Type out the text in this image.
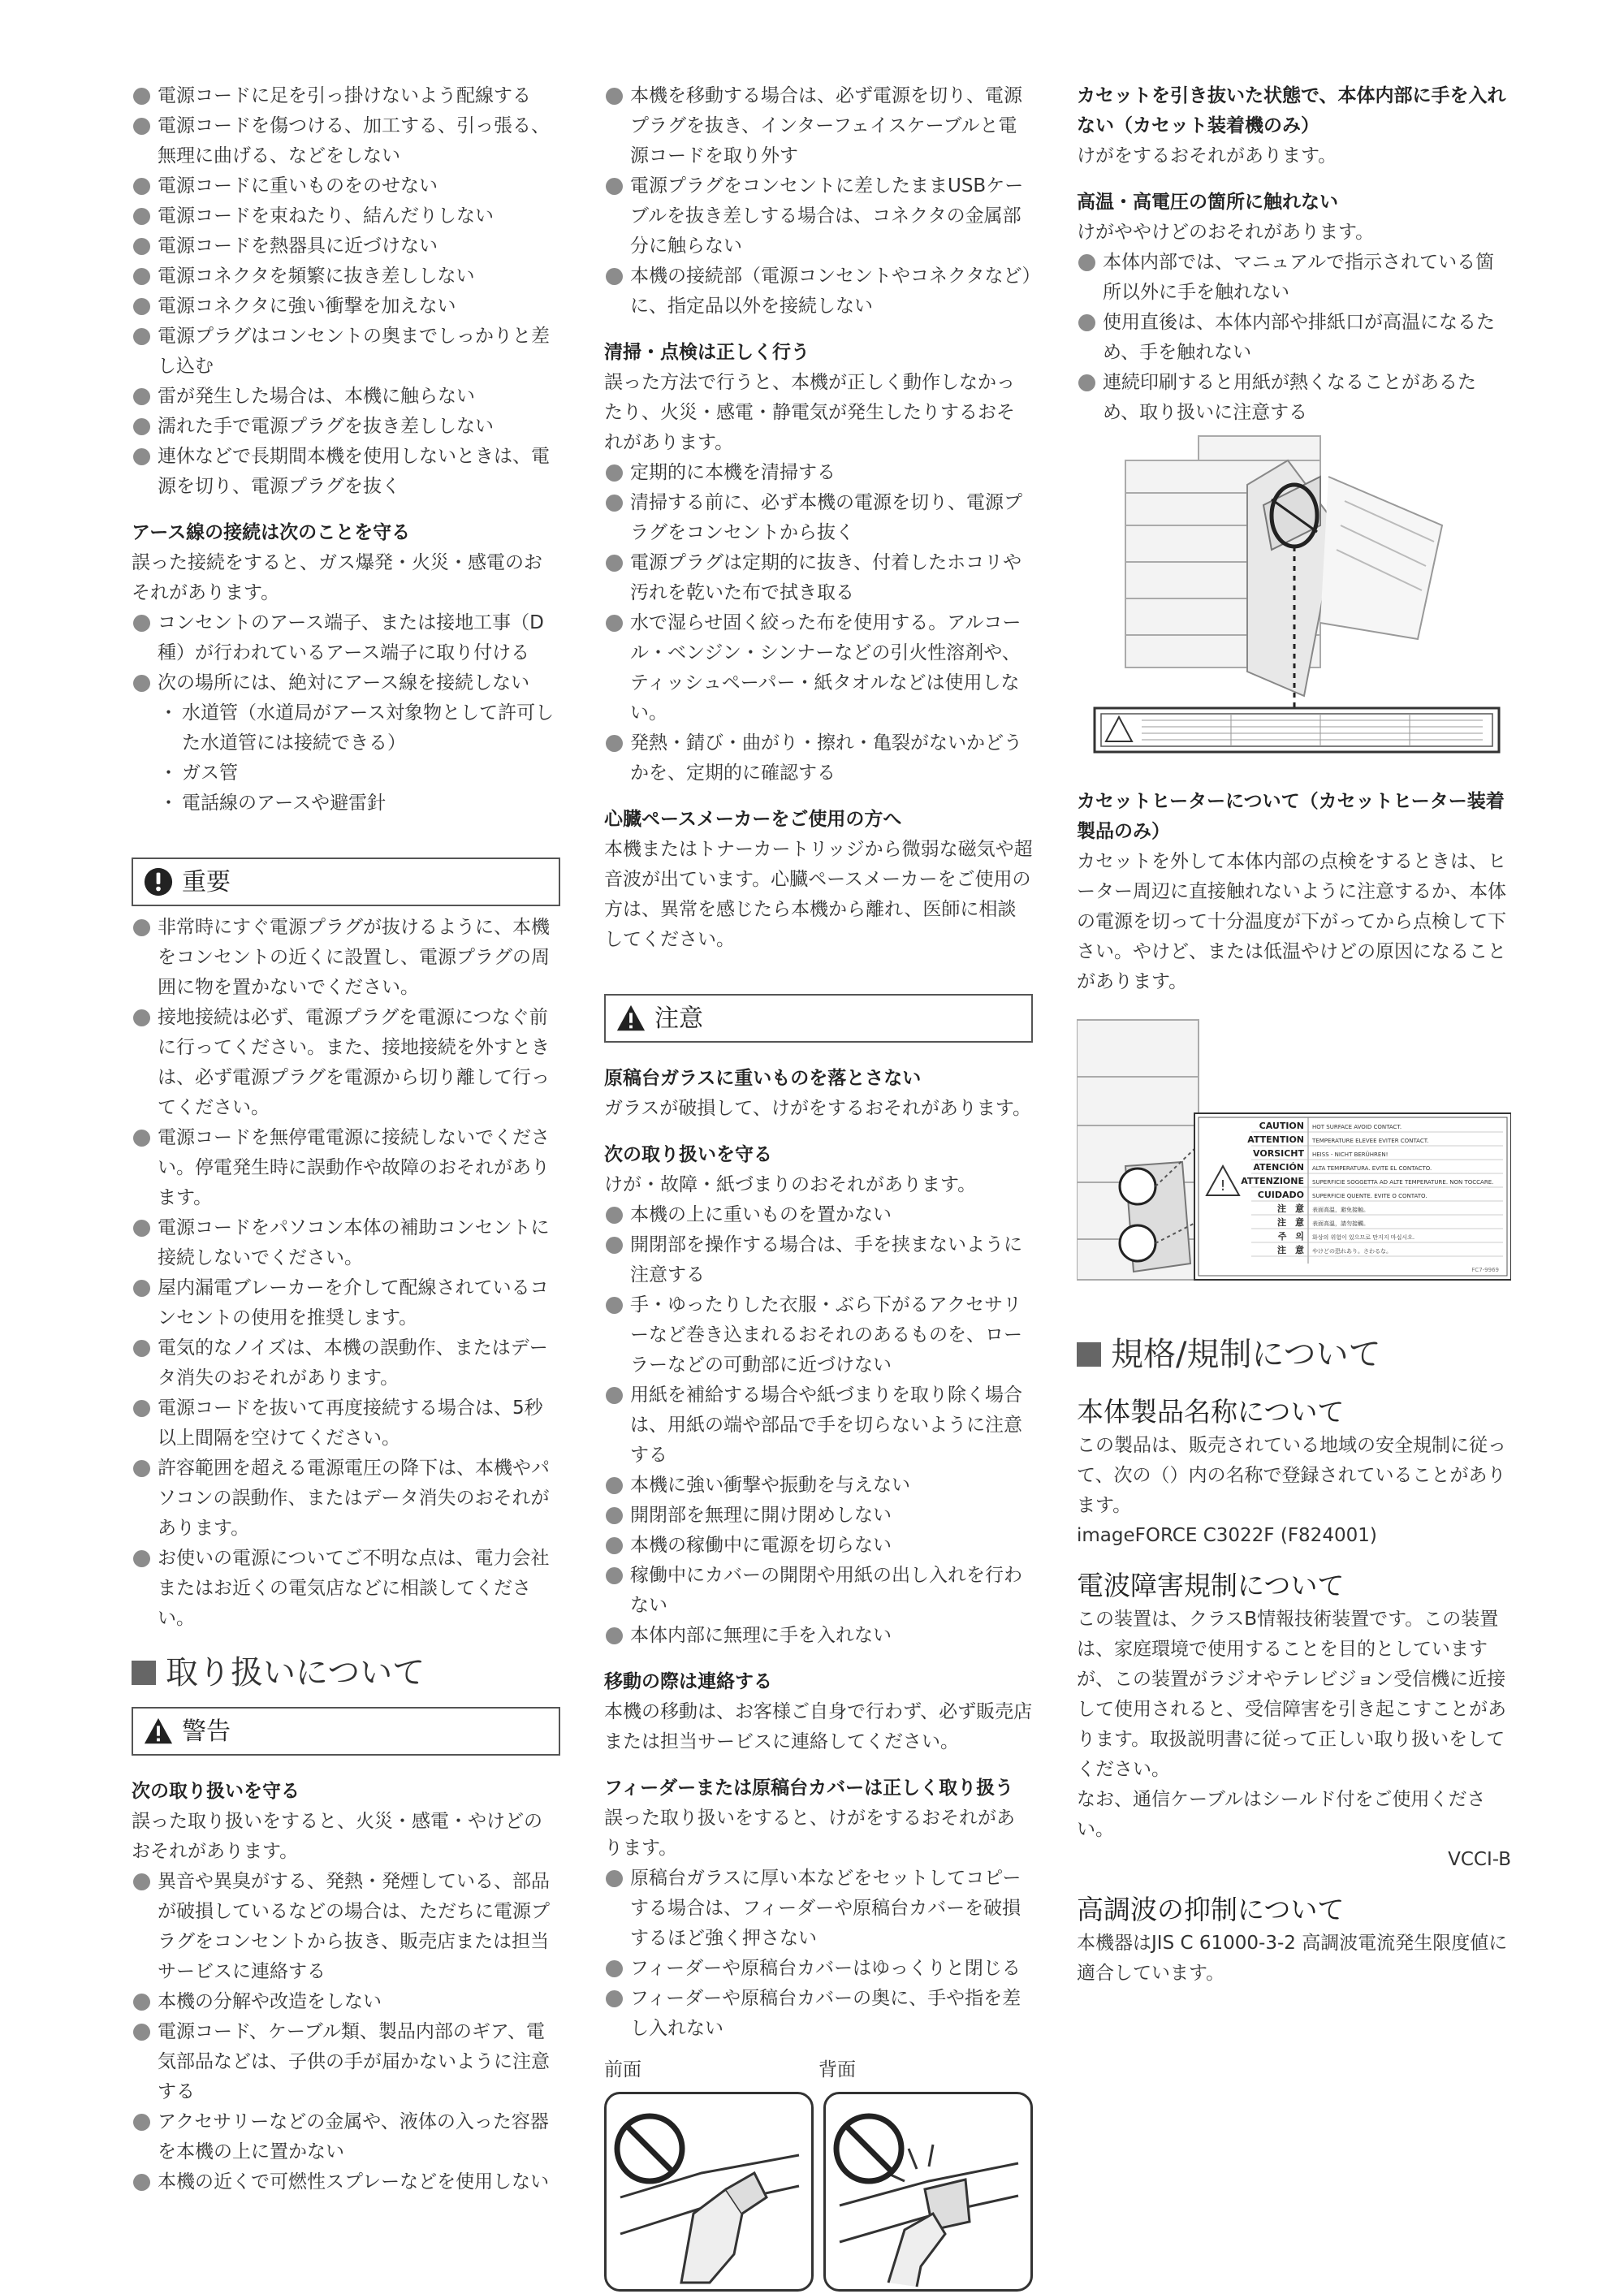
電源コードに足を引っ掛けないよう配線する
電源コードを傷つける、加工する、引っ張る、無理に曲げる、などをしない
電源コードに重いものをのせない
電源コードを束ねたり、結んだりしない
電源コードを熱器具に近づけない
電源コネクタを頻繁に抜き差ししない
電源コネクタに強い衝撃を加えない
電源プラグはコンセントの奥までしっかりと差し込む
雷が発生した場合は、本機に触らない
濡れた手で電源プラグを抜き差ししない
連休などで長期間本機を使用しないときは、電源を切り、電源プラグを抜く

アース線の接続は次のことを守る

誤った接続をすると、ガス爆発・火災・感電のおそれがあります。

コンセントのアース端子、または接地工事（D種）が行われているアース端子に取り付ける
次の場所には、絶対にアース線を接続しない
・ 水道管（水道局がアース対象物として許可した水道管には接続できる）
・ ガス管
・ 電話線のアースや避雷針
重要
非常時にすぐ電源プラグが抜けるように、本機をコンセントの近くに設置し、電源プラグの周囲に物を置かないでください。
接地接続は必ず、電源プラグを電源につなぐ前に行ってください。また、接地接続を外すときは、必ず電源プラグを電源から切り離して行ってください。
電源コードを無停電電源に接続しないでください。停電発生時に誤動作や故障のおそれがあります。
電源コードをパソコン本体の補助コンセントに接続しないでください。
屋内漏電ブレーカーを介して配線されているコンセントの使用を推奨します。
電気的なノイズは、本機の誤動作、またはデータ消失のおそれがあります。
電源コードを抜いて再度接続する場合は、5秒以上間隔を空けてください。
許容範囲を超える電源電圧の降下は、本機やパソコンの誤動作、またはデータ消失のおそれがあります。
お使いの電源についてご不明な点は、電力会社またはお近くの電気店などに相談してください。
取り扱いについて
警告

次の取り扱いを守る

誤った取り扱いをすると、火災・感電・やけどのおそれがあります。

異音や異臭がする、発熱・発煙している、部品が破損しているなどの場合は、ただちに電源プラグをコンセントから抜き、販売店または担当サービスに連絡する
本機の分解や改造をしない
電源コード、ケーブル類、製品内部のギア、電気部品などは、子供の手が届かないように注意する
アクセサリーなどの金属や、液体の入った容器を本機の上に置かない
本機の近くで可燃性スプレーなどを使用しない
本機を移動する場合は、必ず電源を切り、電源プラグを抜き、インターフェイスケーブルと電源コードを取り外す
電源プラグをコンセントに差したままUSBケーブルを抜き差しする場合は、コネクタの金属部分に触らない
本機の接続部（電源コンセントやコネクタなど）に、指定品以外を接続しない

清掃・点検は正しく行う

誤った方法で行うと、本機が正しく動作しなかったり、火災・感電・静電気が発生したりするおそれがあります。

定期的に本機を清掃する
清掃する前に、必ず本機の電源を切り、電源プラグをコンセントから抜く
電源プラグは定期的に抜き、付着したホコリや汚れを乾いた布で拭き取る
水で湿らせ固く絞った布を使用する。アルコール・ベンジン・シンナーなどの引火性溶剤や、ティッシュペーパー・紙タオルなどは使用しない。
発熱・錆び・曲がり・擦れ・亀裂がないかどうかを、定期的に確認する

心臓ペースメーカーをご使用の方へ

本機またはトナーカートリッジから微弱な磁気や超音波が出ています。心臓ペースメーカーをご使用の方は、異常を感じたら本機から離れ、医師に相談してください。

注意

原稿台ガラスに重いものを落とさない

ガラスが破損して、けがをするおそれがあります。

次の取り扱いを守る

けが・故障・紙づまりのおそれがあります。

本機の上に重いものを置かない
開閉部を操作する場合は、手を挟まないように注意する
手・ゆったりした衣服・ぶら下がるアクセサリーなど巻き込まれるおそれのあるものを、ローラーなどの可動部に近づけない
用紙を補給する場合や紙づまりを取り除く場合は、用紙の端や部品で手を切らないように注意する
本機に強い衝撃や振動を与えない
開閉部を無理に開け閉めしない
本機の稼働中に電源を切らない
稼働中にカバーの開閉や用紙の出し入れを行わない
本体内部に無理に手を入れない

移動の際は連絡する

本機の移動は、お客様ご自身で行わず、必ず販売店または担当サービスに連絡してください。

フィーダーまたは原稿台カバーは正しく取り扱う

誤った取り扱いをすると、けがをするおそれがあります。

原稿台ガラスに厚い本などをセットしてコピーする場合は、フィーダーや原稿台カバーを破損するほど強く押さない
フィーダーや原稿台カバーはゆっくりと閉じる
フィーダーや原稿台カバーの奥に、手や指を差し入れない
前面	背面

カセットを引き抜いた状態で、本体内部に手を入れない（カセット装着機のみ）

けがをするおそれがあります。

高温・高電圧の箇所に触れない

けがややけどのおそれがあります。

本体内部では、マニュアルで指示されている箇所以外に手を触れない
使用直後は、本体内部や排紙口が高温になるため、手を触れない
連続印刷すると用紙が熱くなることがあるため、取り扱いに注意する

カセットヒーターについて（カセットヒーター装着製品のみ）

カセットを外して本体内部の点検をするときは、ヒーター周辺に直接触れないように注意するか、本体の電源を切って十分温度が下がってから点検して下さい。やけど、または低温やけどの原因になることがあります。

!
CAUTION HOT SURFACE AVOID CONTACT.
ATTENTION TEMPERATURE ELEVEE EVITER CONTACT.
VORSICHT HEISS - NICHT BERÜHREN!
ATENCIÓN ALTA TEMPERATURA. EVITE EL CONTACTO.
ATTENZIONE SUPERFICIE SOGGETTA AD ALTE TEMPERATURE. NON TOCCARE.
CUIDADO SUPERFICIE QUENTE. EVITE O CONTATO.
注　意 表面高温，避免接触。
注　意 表面高溫，請勿接觸。
주　의 화상의 위험이 있으므로 만지지 마십시오.
注　意 やけどの恐れあり。さわるな。
FC7-9969
規格/規制について

本体製品名称について

この製品は、販売されている地域の安全規制に従って、次の（）内の名称で登録されていることがあります。

imageFORCE C3022F (F824001)

電波障害規制について

この装置は、クラスB情報技術装置です。この装置は、家庭環境で使用することを目的としていますが、この装置がラジオやテレビジョン受信機に近接して使用されると、受信障害を引き起こすことがあります。取扱説明書に従って正しい取り扱いをしてください。

なお、通信ケーブルはシールド付をご使用ください。

VCCI-B

高調波の抑制について

本機器はJIS C 61000-3-2 高調波電流発生限度値に適合しています。
